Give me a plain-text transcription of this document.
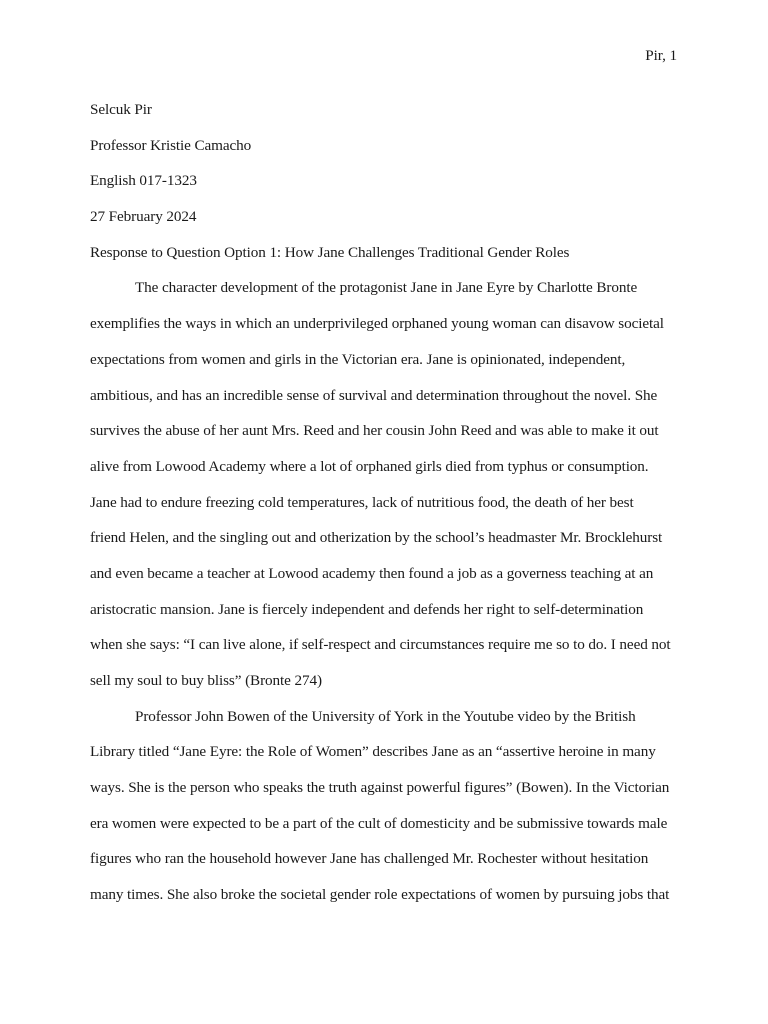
Pir, 1
Selcuk Pir
Professor Kristie Camacho
English 017-1323
27 February 2024
Response to Question Option 1: How Jane Challenges Traditional Gender Roles
The character development of the protagonist Jane in Jane Eyre by Charlotte Bronte
exemplifies the ways in which an underprivileged orphaned young woman can disavow societal
expectations from women and girls in the Victorian era. Jane is opinionated, independent,
ambitious, and has an incredible sense of survival and determination throughout the novel. She
survives the abuse of her aunt Mrs. Reed and her cousin John Reed and was able to make it out
alive from Lowood Academy where a lot of orphaned girls died from typhus or consumption.
Jane had to endure freezing cold temperatures, lack of nutritious food, the death of her best
friend Helen, and the singling out and otherization by the school’s headmaster Mr. Brocklehurst
and even became a teacher at Lowood academy then found a job as a governess teaching at an
aristocratic mansion. Jane is fiercely independent and defends her right to self-determination
when she says: “I can live alone, if self-respect and circumstances require me so to do. I need not
sell my soul to buy bliss” (Bronte 274)
Professor John Bowen of the University of York in the Youtube video by the British
Library titled “Jane Eyre: the Role of Women” describes Jane as an “assertive heroine in many
ways. She is the person who speaks the truth against powerful figures” (Bowen). In the Victorian
era women were expected to be a part of the cult of domesticity and be submissive towards male
figures who ran the household however Jane has challenged Mr. Rochester without hesitation
many times. She also broke the societal gender role expectations of women by pursuing jobs that
